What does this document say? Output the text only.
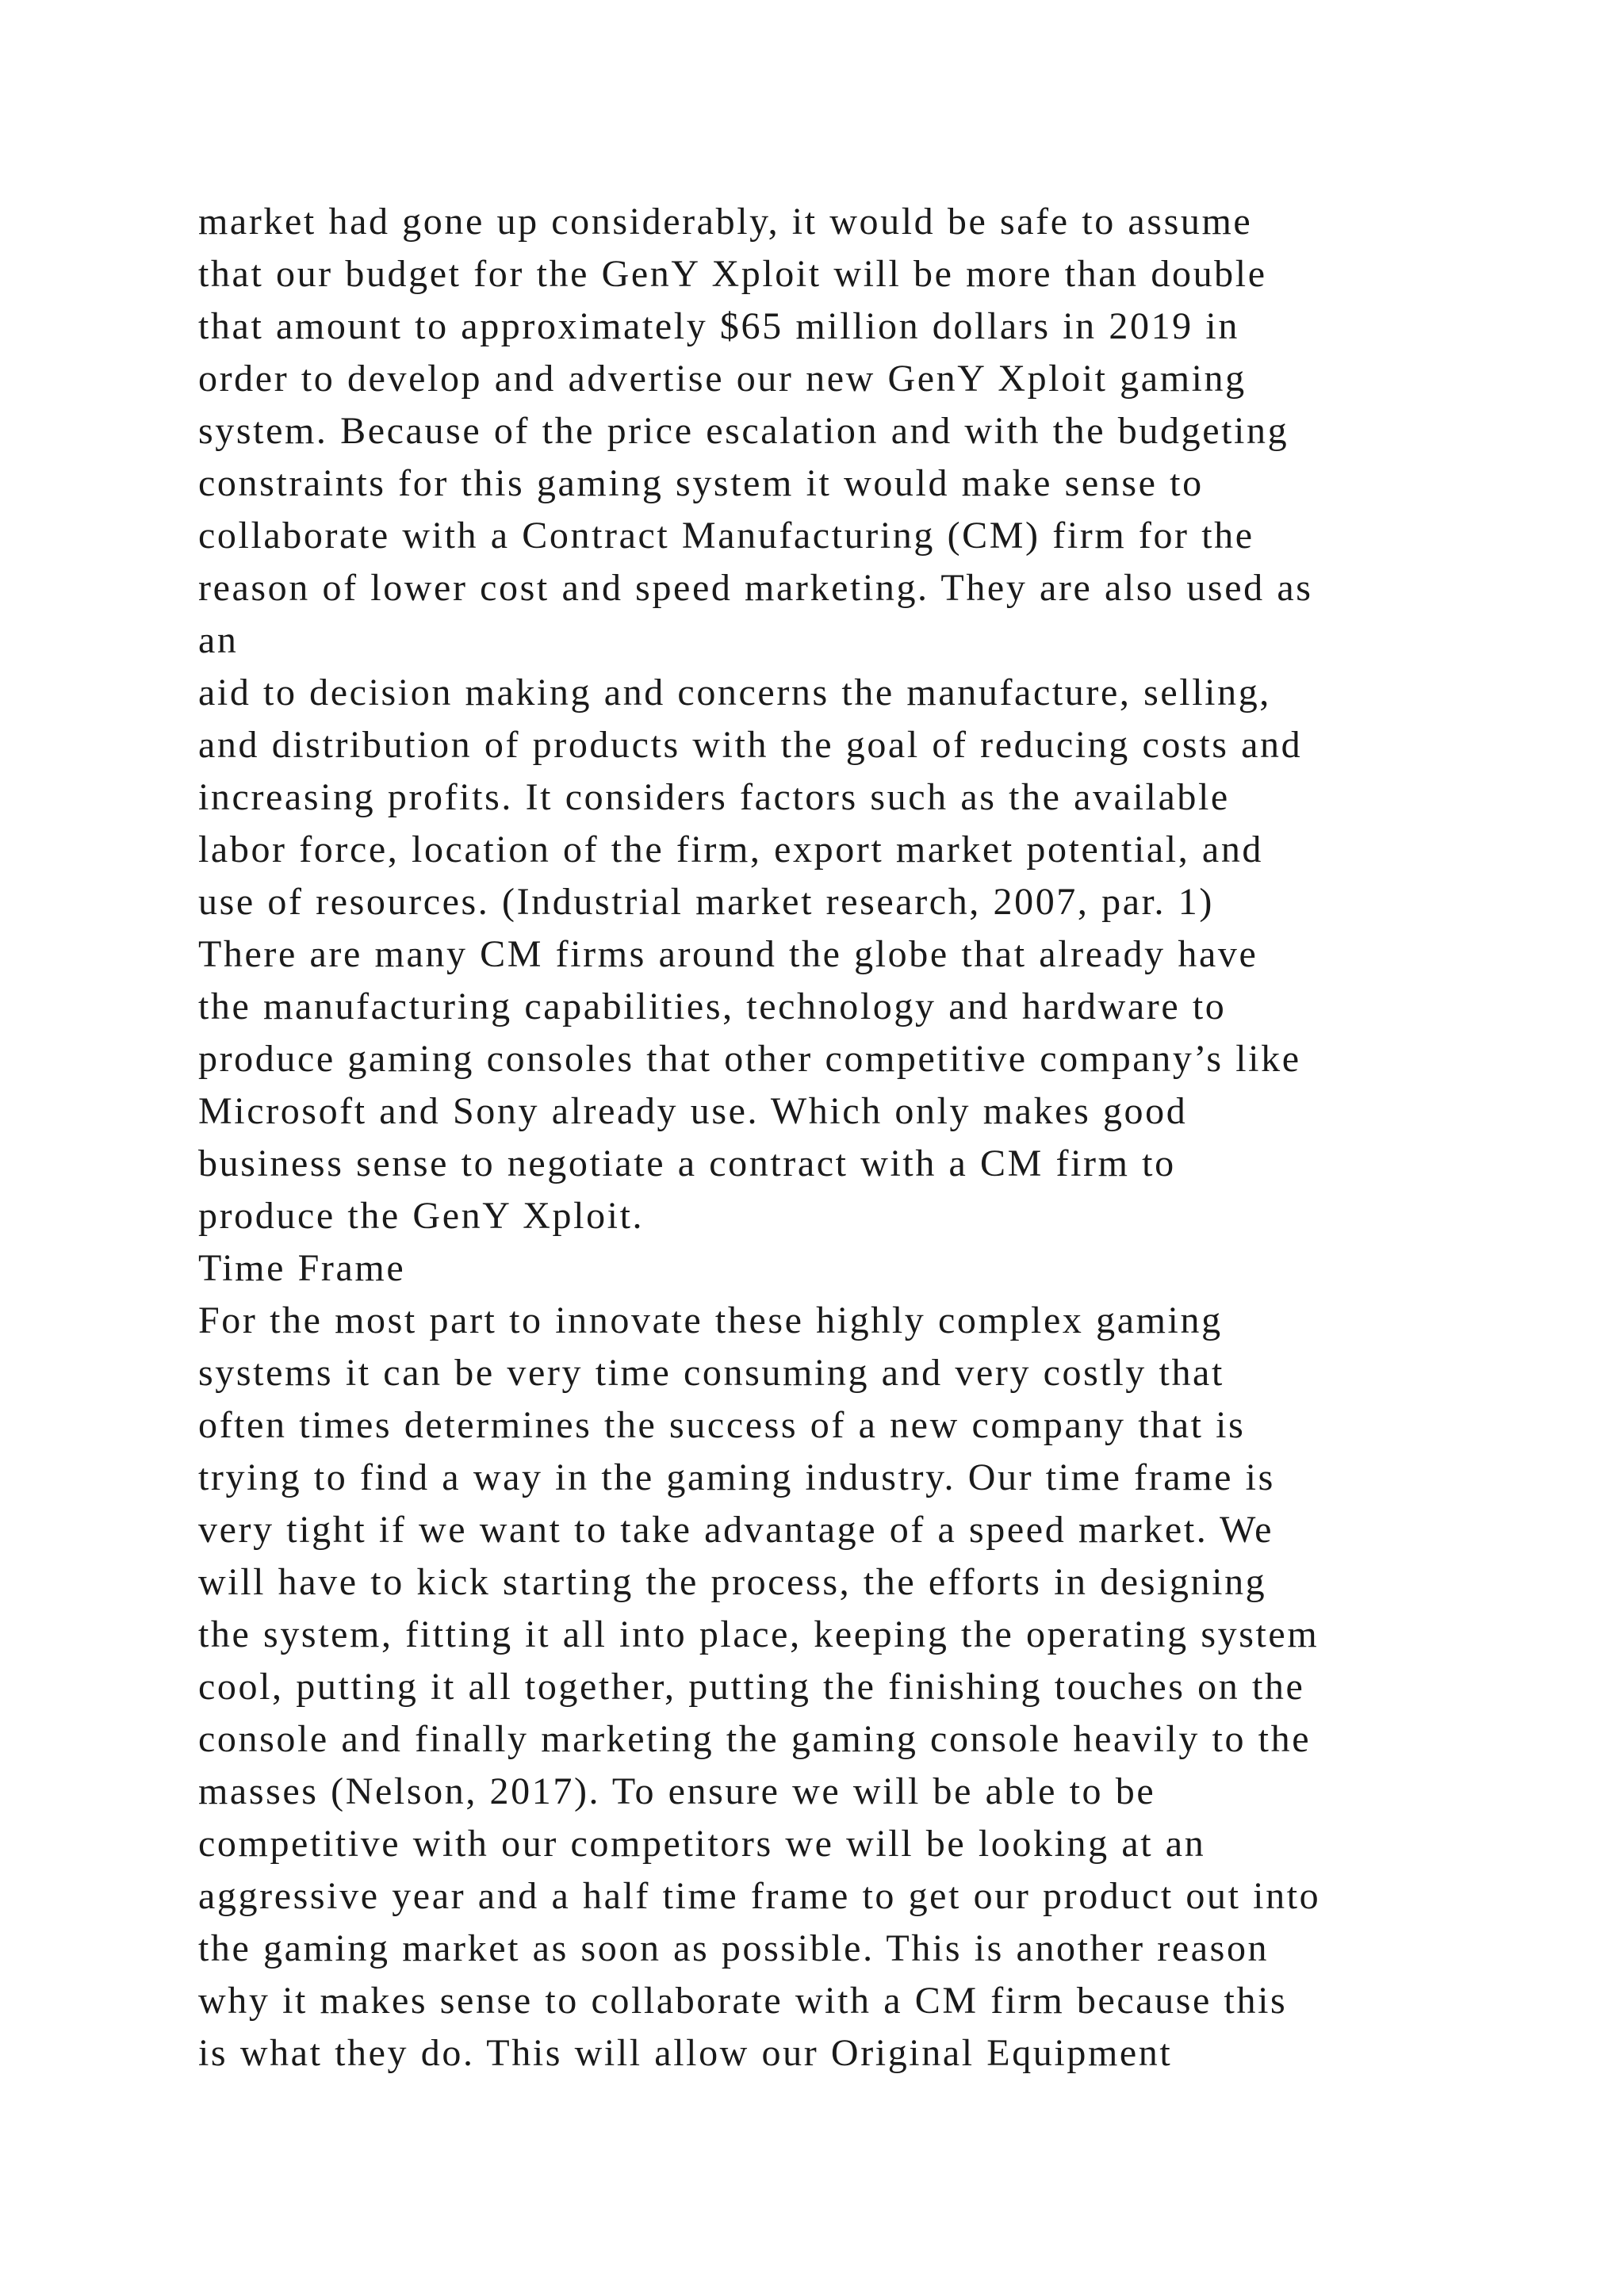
market had gone up considerably, it would be safe to assume
that our budget for the GenY Xploit will be more than double
that amount to approximately $65 million dollars in 2019 in
order to develop and advertise our new GenY Xploit gaming
system. Because of the price escalation and with the budgeting
constraints for this gaming system it would make sense to
collaborate with a Contract Manufacturing (CM) firm for the
reason of lower cost and speed marketing. They are also used as
an
aid to decision making and concerns the manufacture, selling,
and distribution of products with the goal of reducing costs and
increasing profits. It considers factors such as the available
labor force, location of the firm, export market potential, and
use of resources. (Industrial market research, 2007, par. 1)
There are many CM firms around the globe that already have
the manufacturing capabilities, technology and hardware to
produce gaming consoles that other competitive company’s like
Microsoft and Sony already use. Which only makes good
business sense to negotiate a contract with a CM firm to
produce the GenY Xploit.
Time Frame
For the most part to innovate these highly complex gaming
systems it can be very time consuming and very costly that
often times determines the success of a new company that is
trying to find a way in the gaming industry. Our time frame is
very tight if we want to take advantage of a speed market. We
will have to kick starting the process, the efforts in designing
the system, fitting it all into place, keeping the operating system
cool, putting it all together, putting the finishing touches on the
console and finally marketing the gaming console heavily to the
masses (Nelson, 2017). To ensure we will be able to be
competitive with our competitors we will be looking at an
aggressive year and a half time frame to get our product out into
the gaming market as soon as possible. This is another reason
why it makes sense to collaborate with a CM firm because this
is what they do. This will allow our Original Equipment
